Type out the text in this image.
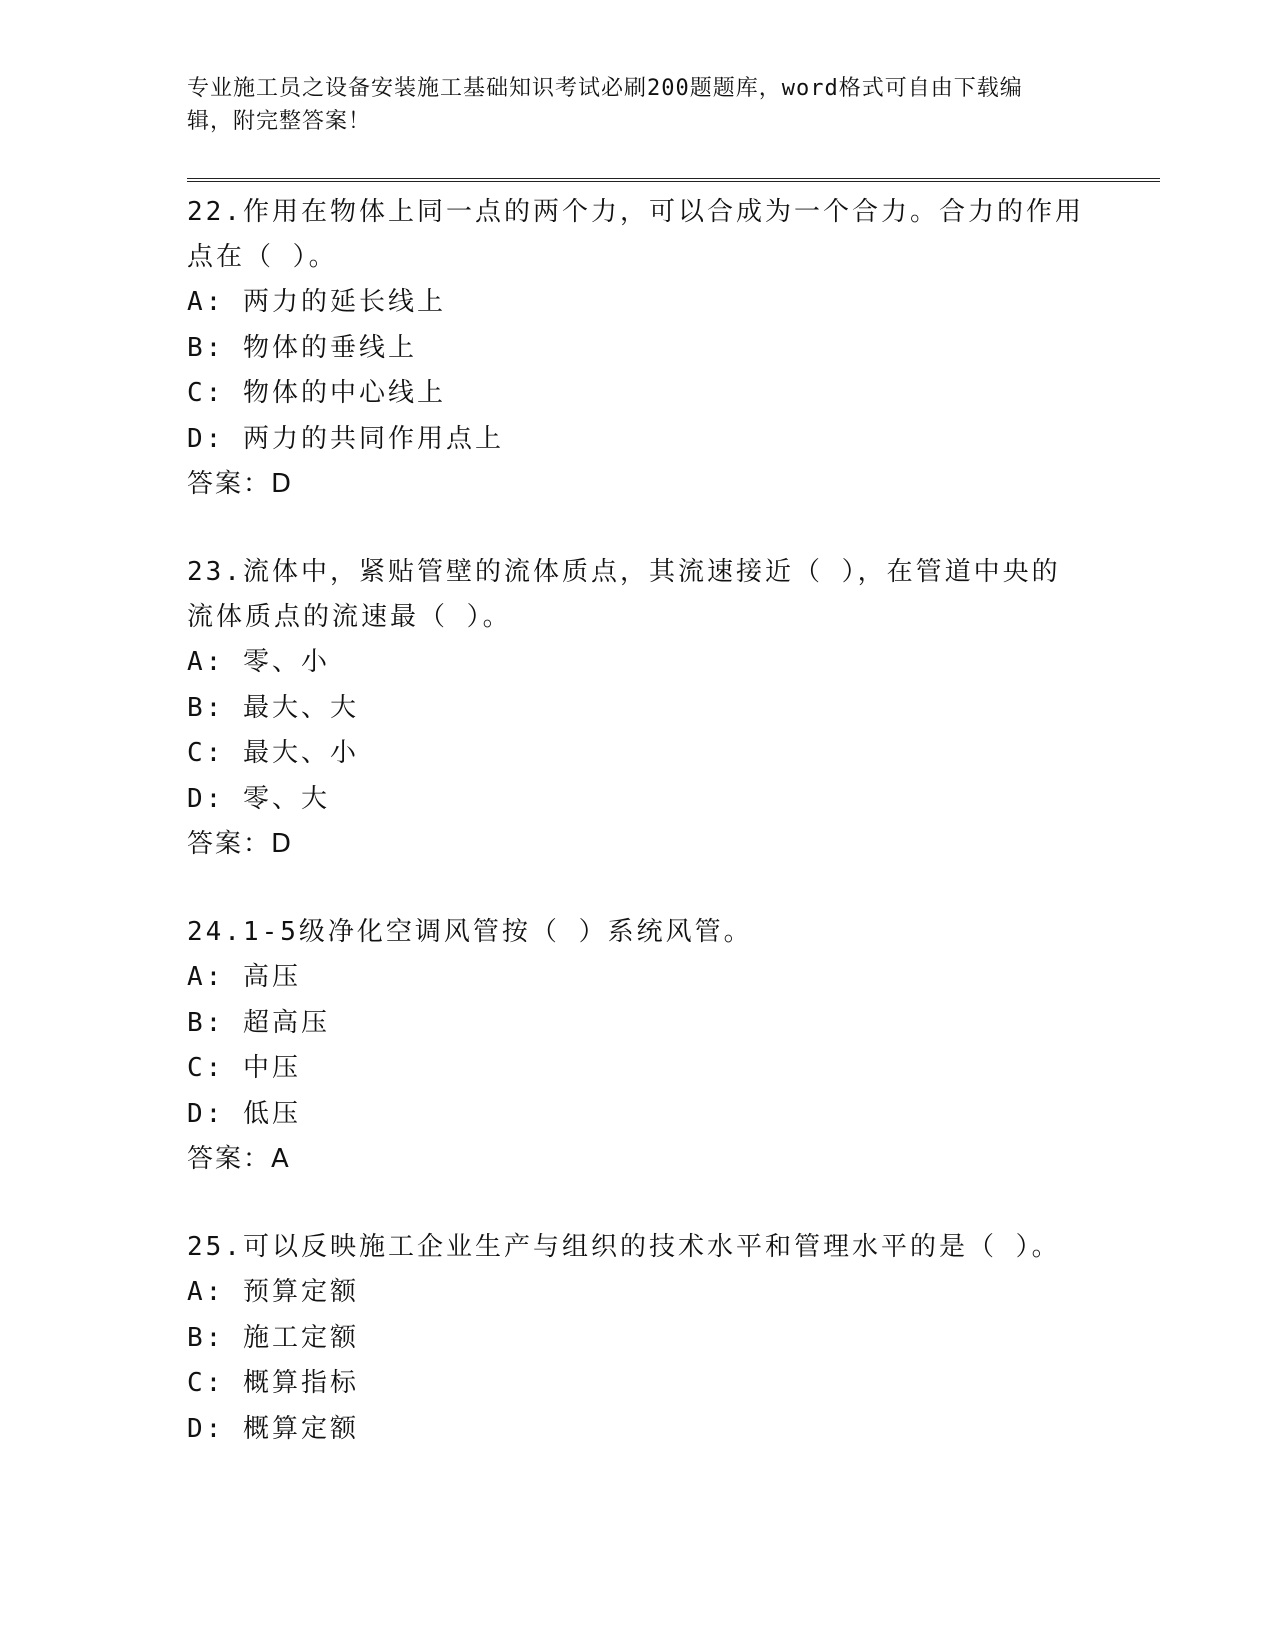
专业施工员之设备安装施工基础知识考试必刷200题题库，word格式可自由下载编辑，附完整答案！

22.作用在物体上同一点的两个力，可以合成为一个合力。合力的作用点在（ ）。

A: 两力的延长线上

B: 物体的垂线上

C: 物体的中心线上

D: 两力的共同作用点上

答案：D

23.流体中，紧贴管壁的流体质点，其流速接近（ ），在管道中央的流体质点的流速最（ ）。

A: 零、小

B: 最大、大

C: 最大、小

D: 零、大

答案：D

24.1-5级净化空调风管按（ ）系统风管。

A: 高压

B: 超高压

C: 中压

D: 低压

答案：A

25.可以反映施工企业生产与组织的技术水平和管理水平的是（ ）。

A: 预算定额

B: 施工定额

C: 概算指标

D: 概算定额
